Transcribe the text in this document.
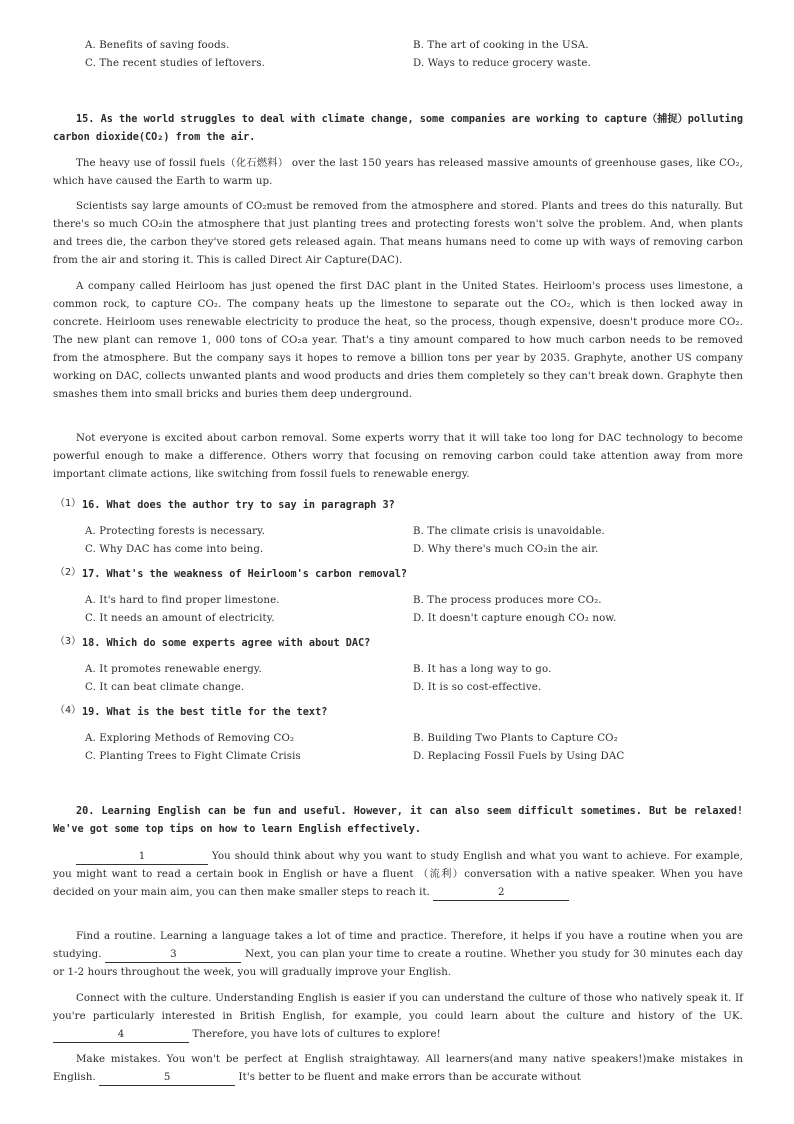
A. Benefits of saving foods.	B. The art of cooking in the USA.
C. The recent studies of leftovers.	D. Ways to reduce grocery waste.
15. As the world struggles to deal with climate change, some companies are working to capture（捕捉）polluting carbon dioxide(CO₂) from the air.
The heavy use of fossil fuels（化石燃料） over the last 150 years has released massive amounts of greenhouse gases, like CO₂, which have caused the Earth to warm up.
Scientists say large amounts of CO₂must be removed from the atmosphere and stored. Plants and trees do this naturally. But there's so much CO₂in the atmosphere that just planting trees and protecting forests won't solve the problem. And, when plants and trees die, the carbon they've stored gets released again. That means humans need to come up with ways of removing carbon from the air and storing it. This is called Direct Air Capture(DAC).
A company called Heirloom has just opened the first DAC plant in the United States. Heirloom's process uses limestone, a common rock, to capture CO₂. The company heats up the limestone to separate out the CO₂, which is then locked away in concrete. Heirloom uses renewable electricity to produce the heat, so the process, though expensive, doesn't produce more CO₂. The new plant can remove 1, 000 tons of CO₂a year. That's a tiny amount compared to how much carbon needs to be removed from the atmosphere. But the company says it hopes to remove a billion tons per year by 2035. Graphyte, another US company working on DAC, collects unwanted plants and wood products and dries them completely so they can't break down. Graphyte then smashes them into small bricks and buries them deep underground.
Not everyone is excited about carbon removal. Some experts worry that it will take too long for DAC technology to become powerful enough to make a difference. Others worry that focusing on removing carbon could take attention away from more important climate actions, like switching from fossil fuels to renewable energy.
（1） 16. What does the author try to say in paragraph 3?
A. Protecting forests is necessary.	B. The climate crisis is unavoidable.
C. Why DAC has come into being.	D. Why there's much CO₂in the air.
（2） 17. What's the weakness of Heirloom's carbon removal?
A. It's hard to find proper limestone.	B. The process produces more CO₂.
C. It needs an amount of electricity.	D. It doesn't capture enough CO₂ now.
（3） 18. Which do some experts agree with about DAC?
A. It promotes renewable energy.	B. It has a long way to go.
C. It can beat climate change.	D. It is so cost-effective.
（4） 19. What is the best title for the text?
A. Exploring Methods of Removing CO₂	B. Building Two Plants to Capture CO₂
C. Planting Trees to Fight Climate Crisis	D. Replacing Fossil Fuels by Using DAC
20. Learning English can be fun and useful. However, it can also seem difficult sometimes. But be relaxed! We've got some top tips on how to learn English effectively.
1	You should think about why you want to study English and what you want to achieve. For example, you might want to read a certain book in English or have a fluent （流利）conversation with a native speaker. When you have decided on your main aim, you can then make smaller steps to reach it.	2
Find a routine. Learning a language takes a lot of time and practice. Therefore, it helps if you have a routine when you are studying.	3	Next, you can plan your time to create a routine. Whether you study for 30 minutes each day or 1-2 hours throughout the week, you will gradually improve your English.
Connect with the culture. Understanding English is easier if you can understand the culture of those who natively speak it. If you're particularly interested in British English, for example, you could learn about the culture and history of the UK. 4	Therefore, you have lots of cultures to explore!
Make mistakes. You won't be perfect at English straightaway. All learners(and many native speakers!)make mistakes in English.	5	It's better to be fluent and make errors than be accurate without
